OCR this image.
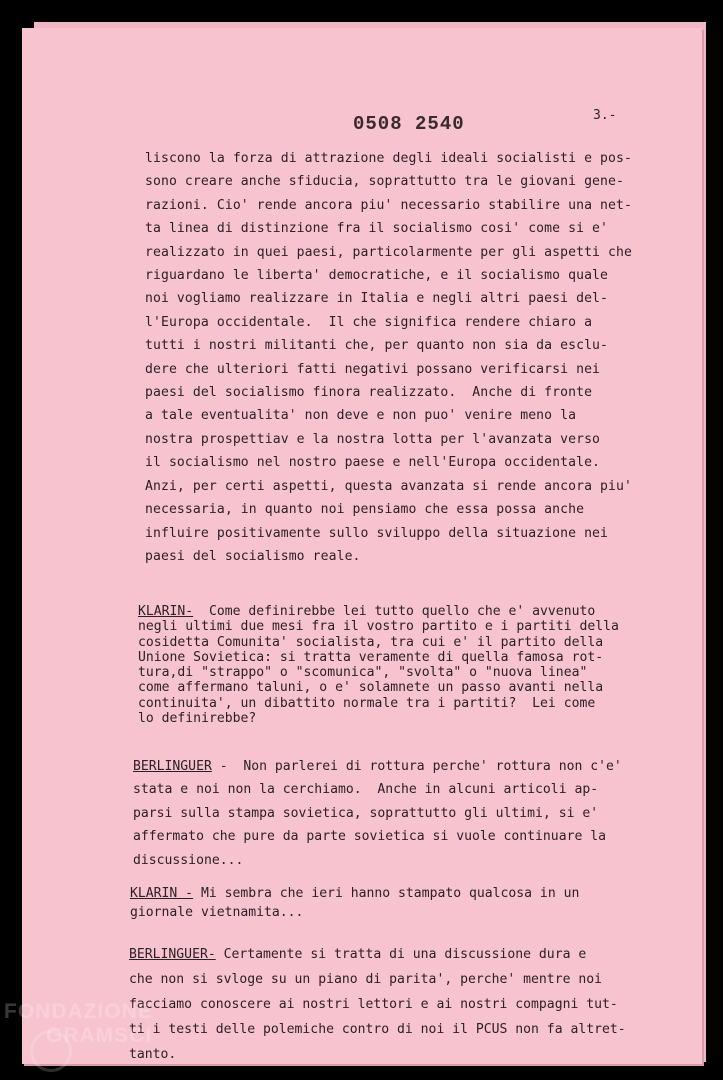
0508 2540	3.-

liscono la forza di attrazione degli ideali socialisti e pos-
sono creare anche sfiducia, soprattutto tra le giovani gene-
razioni. Cio' rende ancora piu' necessario stabilire una net-
ta linea di distinzione fra il socialismo cosi' come si e'
realizzato in quei paesi, particolarmente per gli aspetti che
riguardano le liberta' democratiche, e il socialismo quale
noi vogliamo realizzare in Italia e negli altri paesi del-
l'Europa occidentale.  Il che significa rendere chiaro a
tutti i nostri militanti che, per quanto non sia da esclu-
dere che ulteriori fatti negativi possano verificarsi nei
paesi del socialismo finora realizzato.  Anche di fronte
a tale eventualita' non deve e non puo' venire meno la
nostra prospettiav e la nostra lotta per l'avanzata verso
il socialismo nel nostro paese e nell'Europa occidentale.
Anzi, per certi aspetti, questa avanzata si rende ancora piu'
necessaria, in quanto noi pensiamo che essa possa anche
influire positivamente sullo sviluppo della situazione nei
paesi del socialismo reale.
KLARIN-  Come definirebbe lei tutto quello che e' avvenuto
negli ultimi due mesi fra il vostro partito e i partiti della
cosidetta Comunita' socialista, tra cui e' il partito della
Unione Sovietica: si tratta veramente di quella famosa rot-
tura,di "strappo" o "scomunica", "svolta" o "nuova linea"
come affermano taluni, o e' solamnete un passo avanti nella
continuita', un dibattito normale tra i partiti?  Lei come
lo definirebbe?
BERLINGUER -  Non parlerei di rottura perche' rottura non c'e'
stata e noi non la cerchiamo.  Anche in alcuni articoli ap-
parsi sulla stampa sovietica, soprattutto gli ultimi, si e'
affermato che pure da parte sovietica si vuole continuare la
discussione...
KLARIN - Mi sembra che ieri hanno stampato qualcosa in un
giornale vietnamita...
BERLINGUER- Certamente si tratta di una discussione dura e
che non si svloge su un piano di parita', perche' mentre noi
facciamo conoscere ai nostri lettori e ai nostri compagni tut-
ti i testi delle polemiche contro di noi il PCUS non fa altret-
tanto.

FONDAZIONE
GRAMSCI
